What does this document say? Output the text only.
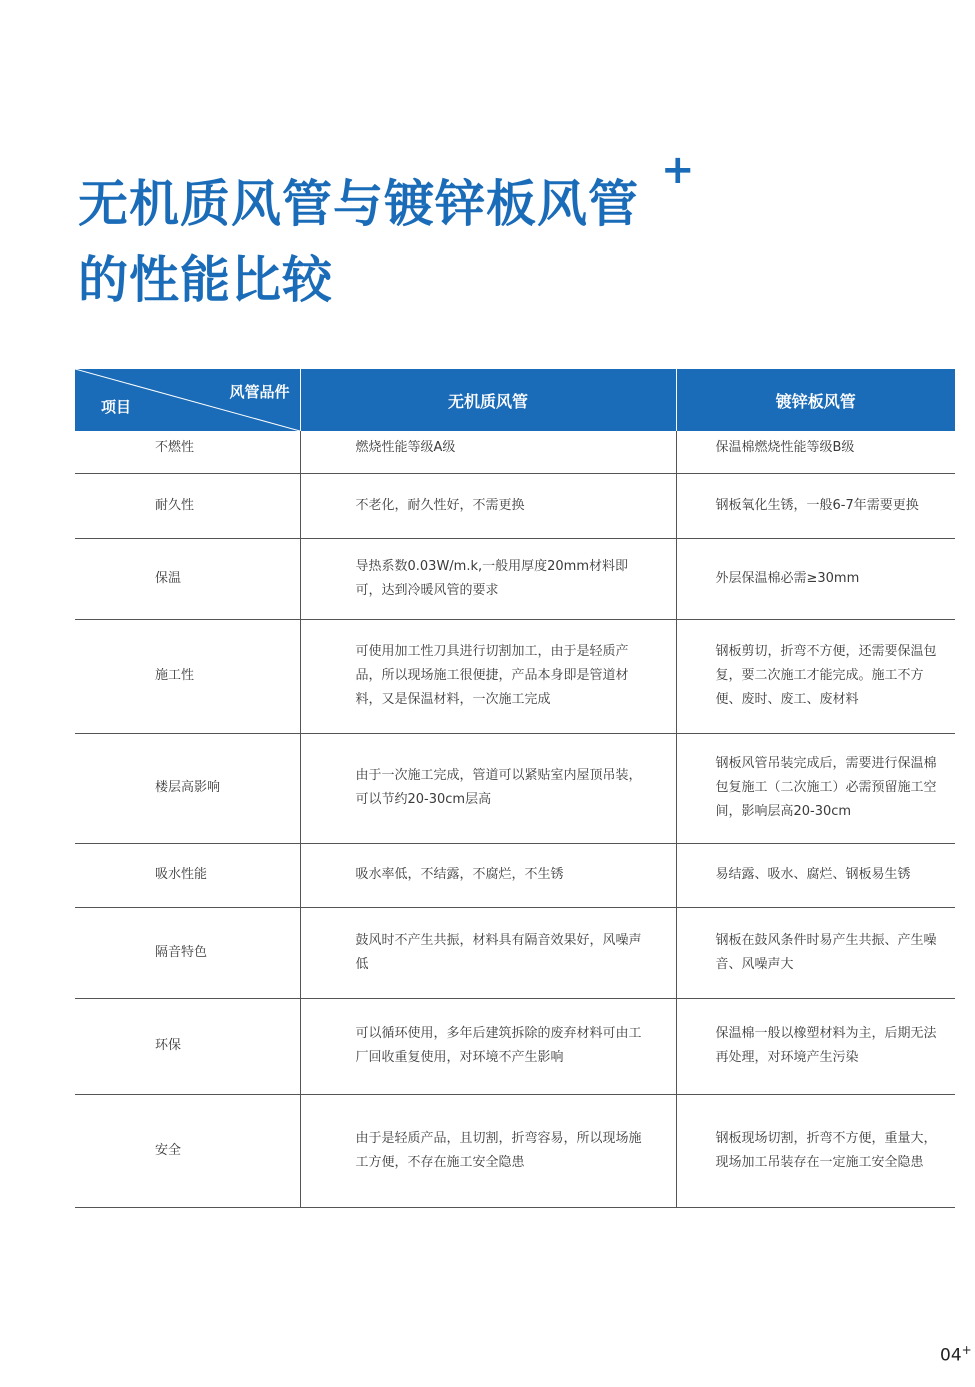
无机质风管与镀锌板风管
的性能比较
+
风管品件
项目	无机质风管	镀锌板风管
不燃性	燃烧性能等级A级	保温棉燃烧性能等级B级
耐久性	不老化，耐久性好，不需更换	钢板氧化生锈，一般6-7年需要更换
保温	导热系数0.03W/m.k,一般用厚度20mm材料即可，达到冷暖风管的要求	外层保温棉必需≥30mm
施工性	可使用加工性刀具进行切割加工，由于是轻质产品，所以现场施工很便捷，产品本身即是管道材料，又是保温材料，一次施工完成	钢板剪切，折弯不方便，还需要保温包复，要二次施工才能完成。施工不方便、废时、废工、废材料
楼层高影响	由于一次施工完成，管道可以紧贴室内屋顶吊装，可以节约20-30cm层高	钢板风管吊装完成后，需要进行保温棉包复施工（二次施工）必需预留施工空间，影响层高20-30cm
吸水性能	吸水率低，不结露，不腐烂，不生锈	易结露、吸水、腐烂、钢板易生锈
隔音特色	鼓风时不产生共振，材料具有隔音效果好，风噪声低	钢板在鼓风条件时易产生共振、产生噪音、风噪声大
环保	可以循环使用，多年后建筑拆除的废弃材料可由工厂回收重复使用，对环境不产生影响	保温棉一般以橡塑材料为主，后期无法再处理，对环境产生污染
安全	由于是轻质产品，且切割，折弯容易，所以现场施工方便，不存在施工安全隐患	钢板现场切割，折弯不方便，重量大，现场加工吊装存在一定施工安全隐患
04+
